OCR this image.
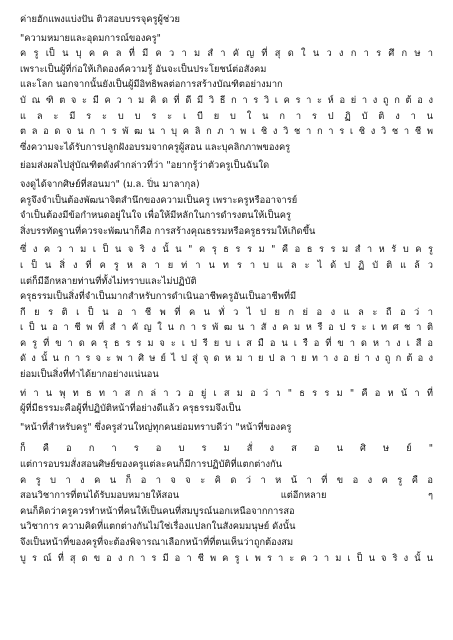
ค่ายฮักแพงแบ่งปัน ติวสอบบรรจุครูผู้ช่วย
"ความหมายและอุดมการณ์ของครู"
ค รู เป็ น บุ ค ค ล ที่ มี ค ว า ม สํ า คั ญ ที่ สุ ด ใ น ว ง ก า ร ศึ ก ษ า
เพราะเป็นผู้ที่ก่อให้เกิดองค์ความรู้ อันจะเป็นประโยชน์ต่อสังคม
และโลก นอกจากนั้นยังเป็นผู้มีอิทธิพลต่อการสร้างบัณฑิตอย่างมาก
บั ณ ฑิ ต จ ะ มี ค ว า ม คิ ด ที่ ดี มี วิ ธี ก า ร วิ เ ค ร า ะ ห์ อ ย่ า ง ถู ก ต้ อ ง
แ ล ะ มี ร ะ บ บ ร ะ เ บี ย บ ใ น ก า ร ป ฏิ บั ติ ง า น
ต ล อ ด จ น ก า ร พั ฒ น า บุ ค ลิ ก ภ า พ เ ชิ ง วิ ช า ก า ร เ ชิ ง วิ ช า ชี พ
ซึ่งความจะได้รับการปลูกฝังอบรมจากครูผู้สอน และบุคลิกภาพของครู
ย่อมส่งผลไปสู่บัณฑิตดังคํากล่าวที่ว่า "อยากรู้ว่าตัวครูเป็นฉันใด
จงดูได้จากศิษย์ที่สอนมา" (ม.ล. ปิ่น มาลากุล)
ครูจึงจําเป็นต้องพัฒนาจิตสํานึกของความเป็นครู เพราะครูหรืออาจารย์
จําเป็นต้องมีข้อกําหนดอยู่ในใจ เพื่อให้มีหลักในการดํารงตนให้เป็นครู
สิ่งบรรทัดฐานที่ควรจะพัฒนาก็คือ การสร้างคุณธรรมหรือครูธรรมให้เกิดขึ้น
ซึ่ ง ค ว า ม เ ป็ น จ ริ ง นั้ น " ค รุ ธ ร ร ม " คื อ ธ ร ร ม สํ า ห รั บ ค รู
เ ป็ น สิ่ ง ที่ ค รู ห ล า ย ท่ า น ท ร า บ แ ล ะ ไ ด้ ป ฏิ บั ติ แ ล้ ว
แต่ก็มีอีกหลายท่านที่ทั้งไม่ทราบและไม่ปฏิบัติ
ครุธรรมเป็นสิ่งที่จําเป็นมากสําหรับการดําเนินอาชีพครูอันเป็นอาชีพที่มี
กี ย ร ติ เ ป็ น อ า ชี พ ที่ ค น ทั่ ว ไ ป ย ก ย่ อ ง แ ล ะ ถื อ ว่ า
เ ป็ น อ า ชี พ ที่ สํ า คั ญ ใ น ก า ร พั ฒ น า สั ง ค ม ห รื อ ป ร ะ เ ท ศ ช า ติ
ค รู ที่ ข า ด ค รุ ธ ร ร ม จ ะ เ ป รี ย บ เ ส มื อ น เ รื อ ที่ ข า ด ห า ง เ สื อ
ดั ง นั้ น ก า ร จ ะ พ า ศิ ษ ย์ ไ ป สู่ จุ ด ห ม า ย ป ล า ย ท า ง อ ย่ า ง ถู ก ต้ อ ง
ย่อมเป็นสิ่งที่ทําได้ยากอย่างแน่นอน
ท่ า น พุ ท ธ ท า ส ก ล่ า ว อ ยู่ เ ส ม อ ว่ า " ธ ร ร ม " คื อ ห น้ า ที่
ผู้ที่มีธรรมะคือผู้ที่ปฏิบัติหน้าที่อย่างดีแล้ว ครุธรรมจึงเป็น
"หน้าที่สําหรับครู" ซึ่งครูส่วนใหญ่ทุกคนย่อมทราบดีว่า "หน้าที่ของครู
ก็ คื อ ก า ร อ บ ร ม สั่ ง ส อ น ศิ ษ ย์ "
แต่การอบรมสั่งสอนศิษย์ของครูแต่ละคนก็มีการปฏิบัติที่แตกต่างกัน
ค รู บ า ง ค น ก็ อ า จ จ ะ คิ ด ว่ า ห น้ า ที่ ข อ ง ค รู คื อ
สอนวิชาการที่ตนได้รับมอบหมายให้สอน แต่อีกหลาย ๆ
คนก็คิดว่าครูควรทําหน้าที่คนให้เป็นคนที่สมบูรณ์นอกเหนือจากการสอ
นวิชาการ ความคิดที่แตกต่างกันไม่ใช่เรื่องแปลกในสังคมมนุษย์ ดังนั้น
จึงเป็นหน้าที่ของครูที่จะต้องพิจารณาเลือกหน้าที่ที่ตนเห็นว่าถูกต้องสม
บู ร ณ์ ที่ สุ ด ข อ ง ก า ร มี อ า ชี พ ค รู เ พ ร า ะ ค ว า ม เ ป็ น จ ริ ง นั้ น
